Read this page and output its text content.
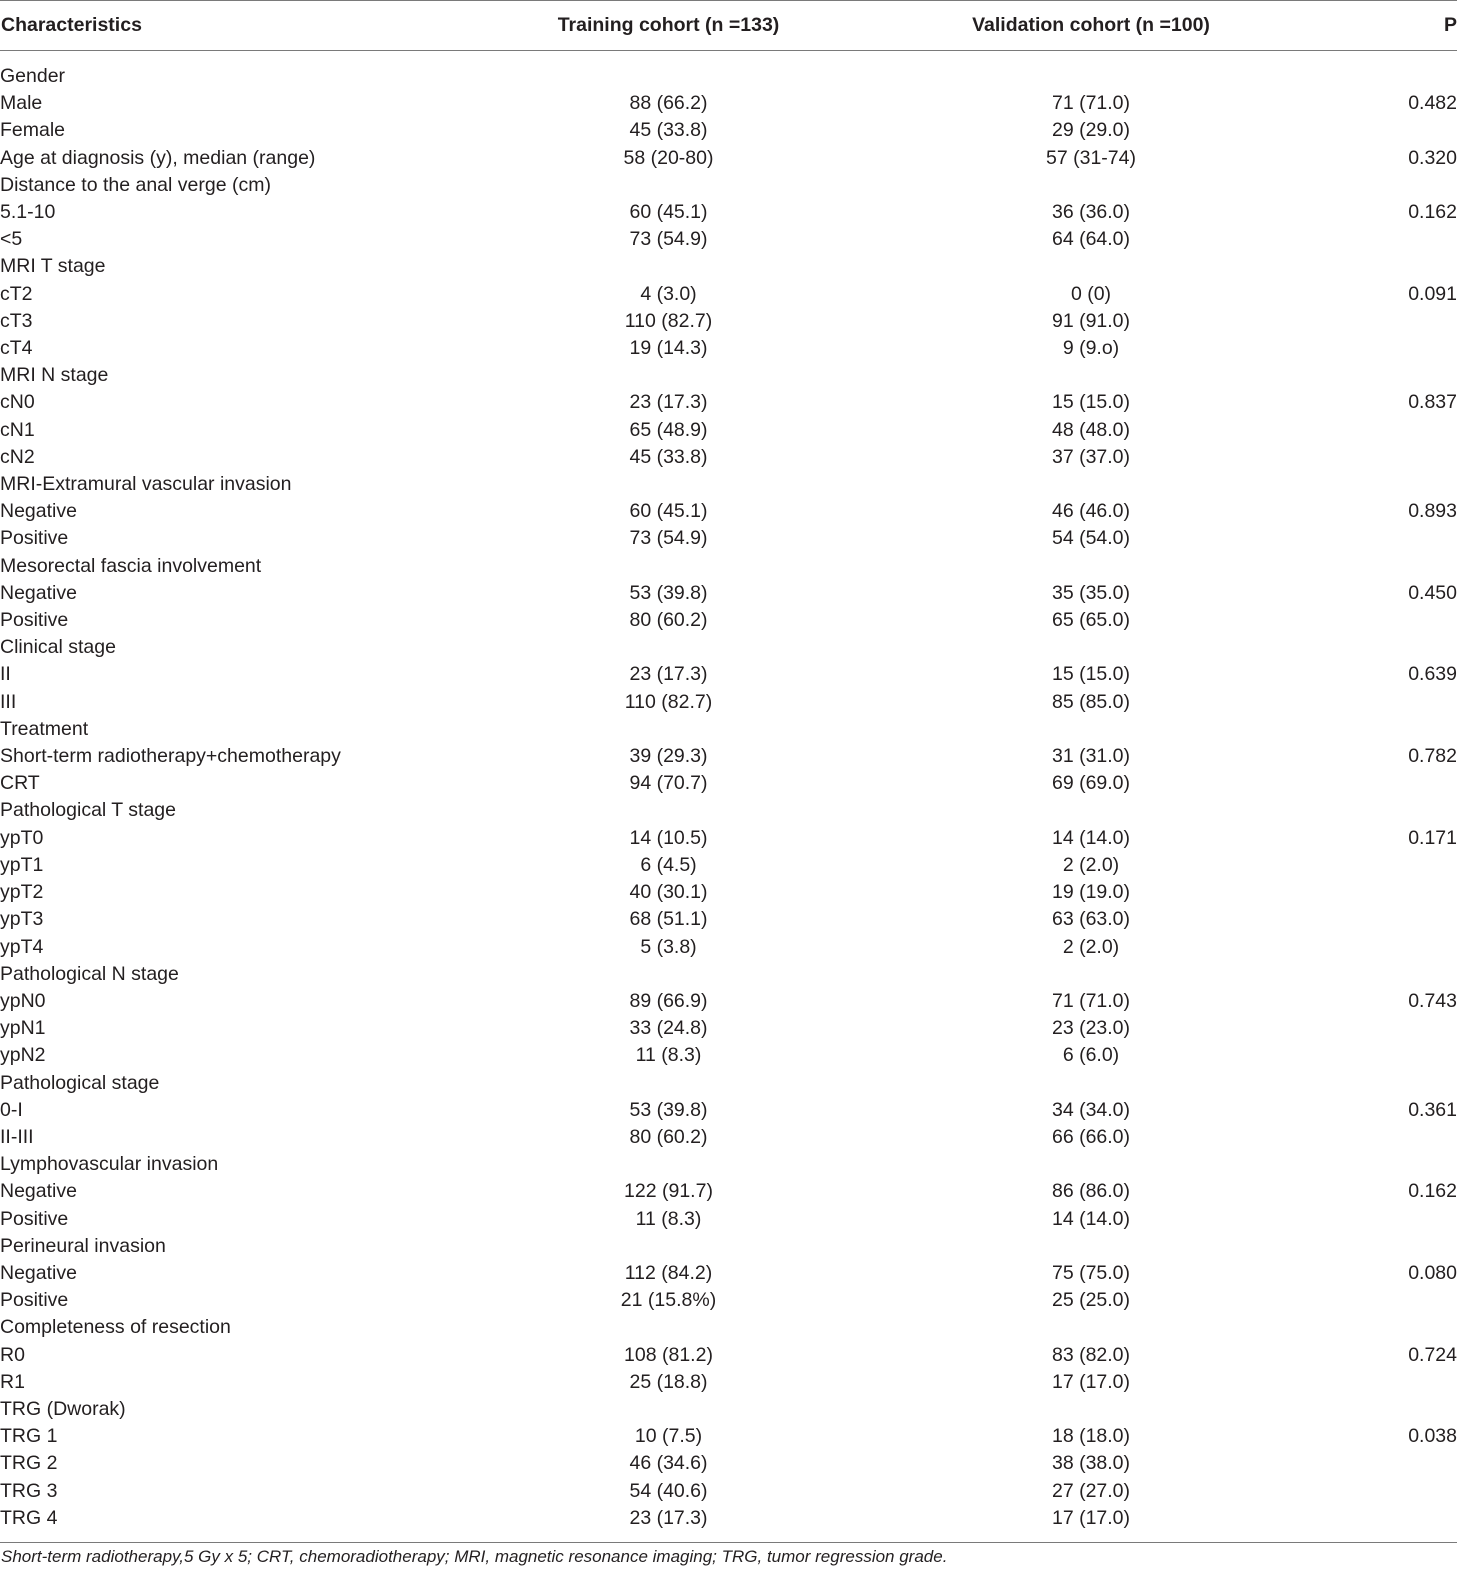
Characteristics	Training cohort (n =133)	Validation cohort (n =100)	P
Gender			
Male	88 (66.2)	71 (71.0)	0.482
Female	45 (33.8)	29 (29.0)	
Age at diagnosis (y), median (range)	58 (20-80)	57 (31-74)	0.320
Distance to the anal verge (cm)			
5.1-10	60 (45.1)	36 (36.0)	0.162
<5	73 (54.9)	64 (64.0)	
MRI T stage			
cT2	4 (3.0)	0 (0)	0.091
cT3	110 (82.7)	91 (91.0)	
cT4	19 (14.3)	9 (9.o)	
MRI N stage			
cN0	23 (17.3)	15 (15.0)	0.837
cN1	65 (48.9)	48 (48.0)	
cN2	45 (33.8)	37 (37.0)	
MRI-Extramural vascular invasion			
Negative	60 (45.1)	46 (46.0)	0.893
Positive	73 (54.9)	54 (54.0)	
Mesorectal fascia involvement			
Negative	53 (39.8)	35 (35.0)	0.450
Positive	80 (60.2)	65 (65.0)	
Clinical stage			
II	23 (17.3)	15 (15.0)	0.639
III	110 (82.7)	85 (85.0)	
Treatment			
Short-term radiotherapy+chemotherapy	39 (29.3)	31 (31.0)	0.782
CRT	94 (70.7)	69 (69.0)	
Pathological T stage			
ypT0	14 (10.5)	14 (14.0)	0.171
ypT1	6 (4.5)	2 (2.0)	
ypT2	40 (30.1)	19 (19.0)	
ypT3	68 (51.1)	63 (63.0)	
ypT4	5 (3.8)	2 (2.0)	
Pathological N stage			
ypN0	89 (66.9)	71 (71.0)	0.743
ypN1	33 (24.8)	23 (23.0)	
ypN2	11 (8.3)	6 (6.0)	
Pathological stage			
0-I	53 (39.8)	34 (34.0)	0.361
II-III	80 (60.2)	66 (66.0)	
Lymphovascular invasion			
Negative	122 (91.7)	86 (86.0)	0.162
Positive	11 (8.3)	14 (14.0)	
Perineural invasion			
Negative	112 (84.2)	75 (75.0)	0.080
Positive	21 (15.8%)	25 (25.0)	
Completeness of resection			
R0	108 (81.2)	83 (82.0)	0.724
R1	25 (18.8)	17 (17.0)	
TRG (Dworak)			
TRG 1	10 (7.5)	18 (18.0)	0.038
TRG 2	46 (34.6)	38 (38.0)	
TRG 3	54 (40.6)	27 (27.0)	
TRG 4	23 (17.3)	17 (17.0)	
Short-term radiotherapy,5 Gy x 5; CRT, chemoradiotherapy; MRI, magnetic resonance imaging; TRG, tumor regression grade.
